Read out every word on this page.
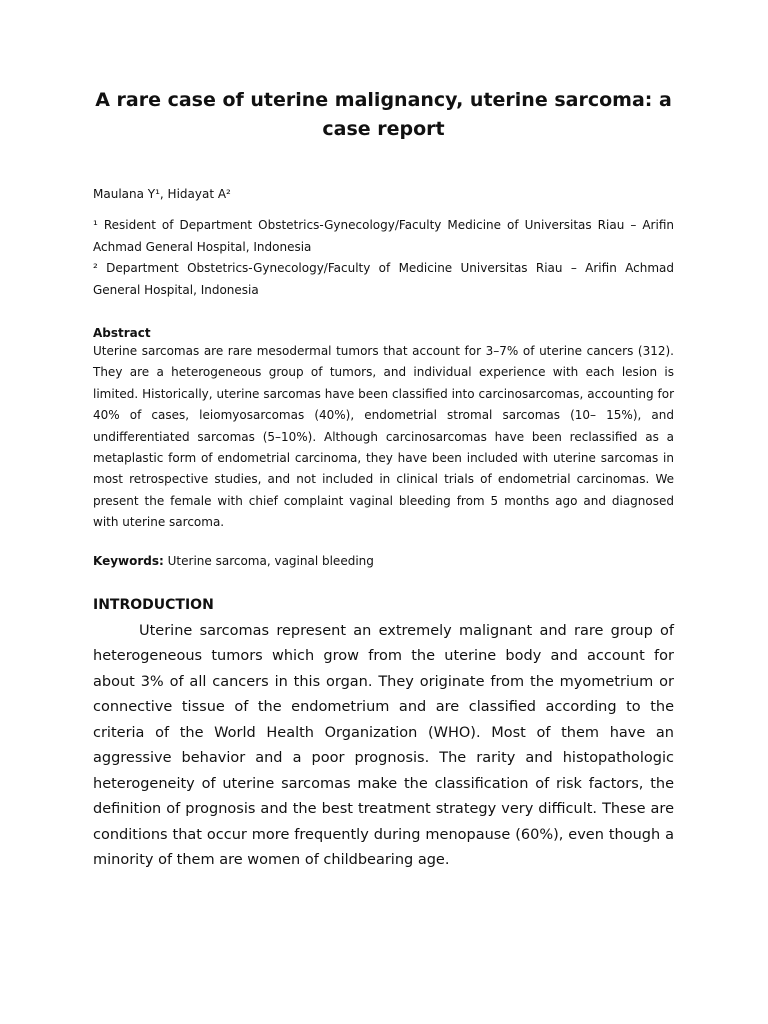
A rare case of uterine malignancy, uterine sarcoma: a case report

Maulana Y¹, Hidayat A²

¹ Resident of Department Obstetrics-Gynecology/Faculty Medicine of Universitas Riau – Arifin Achmad General Hospital, Indonesia

² Department Obstetrics-Gynecology/Faculty of Medicine Universitas Riau – Arifin Achmad General Hospital, Indonesia

Abstract

Uterine sarcomas are rare mesodermal tumors that account for 3–7% of uterine cancers (312). They are a heterogeneous group of tumors, and individual experience with each lesion is limited. Historically, uterine sarcomas have been classified into carcinosarcomas, accounting for 40% of cases, leiomyosarcomas (40%), endometrial stromal sarcomas (10– 15%), and undifferentiated sarcomas (5–10%). Although carcinosarcomas have been reclassified as a metaplastic form of endometrial carcinoma, they have been included with uterine sarcomas in most retrospective studies, and not included in clinical trials of endometrial carcinomas. We present the female with chief complaint vaginal bleeding from 5 months ago and diagnosed with uterine sarcoma.

Keywords: Uterine sarcoma, vaginal bleeding
INTRODUCTION

Uterine sarcomas represent an extremely malignant and rare group of heterogeneous tumors which grow from the uterine body and account for about 3% of all cancers in this organ. They originate from the myometrium or connective tissue of the endometrium and are classified according to the criteria of the World Health Organization (WHO). Most of them have an aggressive behavior and a poor prognosis. The rarity and histopathologic heterogeneity of uterine sarcomas make the classification of risk factors, the definition of prognosis and the best treatment strategy very difficult. These are conditions that occur more frequently during menopause (60%), even though a minority of them are women of childbearing age.
